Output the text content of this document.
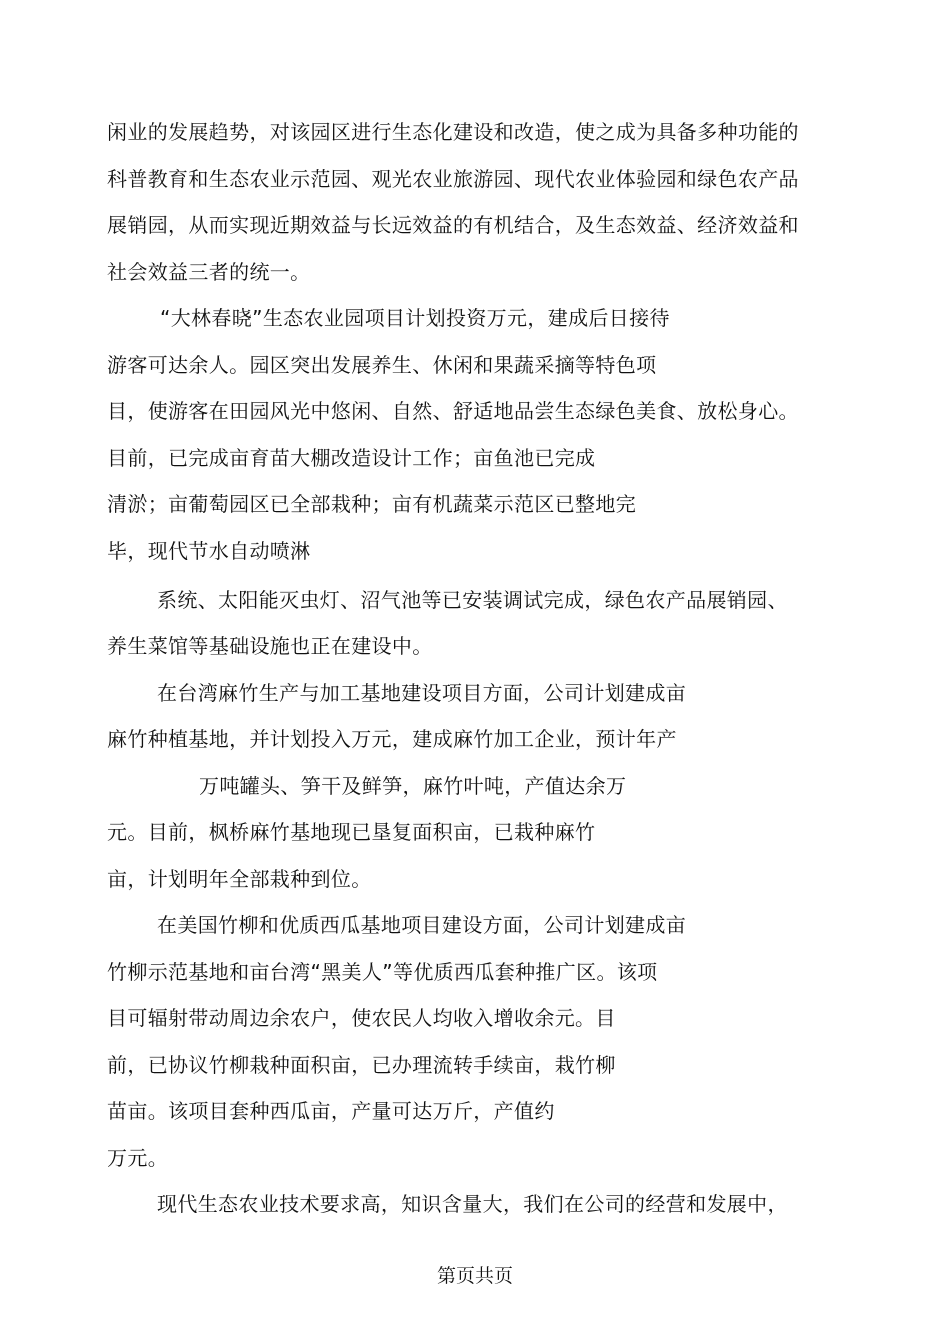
闲业的发展趋势，对该园区进行生态化建设和改造，使之成为具备多种功能的
科普教育和生态农业示范园、观光农业旅游园、现代农业体验园和绿色农产品
展销园，从而实现近期效益与长远效益的有机结合，及生态效益、经济效益和
社会效益三者的统一。
“大林春晓”生态农业园项目计划投资万元，建成后日接待
游客可达余人。园区突出发展养生、休闲和果蔬采摘等特色项
目，使游客在田园风光中悠闲、自然、舒适地品尝生态绿色美食、放松身心。
目前，已完成亩育苗大棚改造设计工作；亩鱼池已完成
清淤；亩葡萄园区已全部栽种；亩有机蔬菜示范区已整地完
毕，现代节水自动喷淋
系统、太阳能灭虫灯、沼气池等已安装调试完成，绿色农产品展销园、
养生菜馆等基础设施也正在建设中。
在台湾麻竹生产与加工基地建设项目方面，公司计划建成亩
麻竹种植基地，并计划投入万元，建成麻竹加工企业，预计年产
万吨罐头、笋干及鲜笋，麻竹叶吨，产值达余万
元。目前，枫桥麻竹基地现已垦复面积亩，已栽种麻竹
亩，计划明年全部栽种到位。
在美国竹柳和优质西瓜基地项目建设方面，公司计划建成亩
竹柳示范基地和亩台湾“黑美人”等优质西瓜套种推广区。该项
目可辐射带动周边余农户，使农民人均收入增收余元。目
前，已协议竹柳栽种面积亩，已办理流转手续亩，栽竹柳
苗亩。该项目套种西瓜亩，产量可达万斤，产值约
万元。
现代生态农业技术要求高，知识含量大，我们在公司的经营和发展中，
第页共页
